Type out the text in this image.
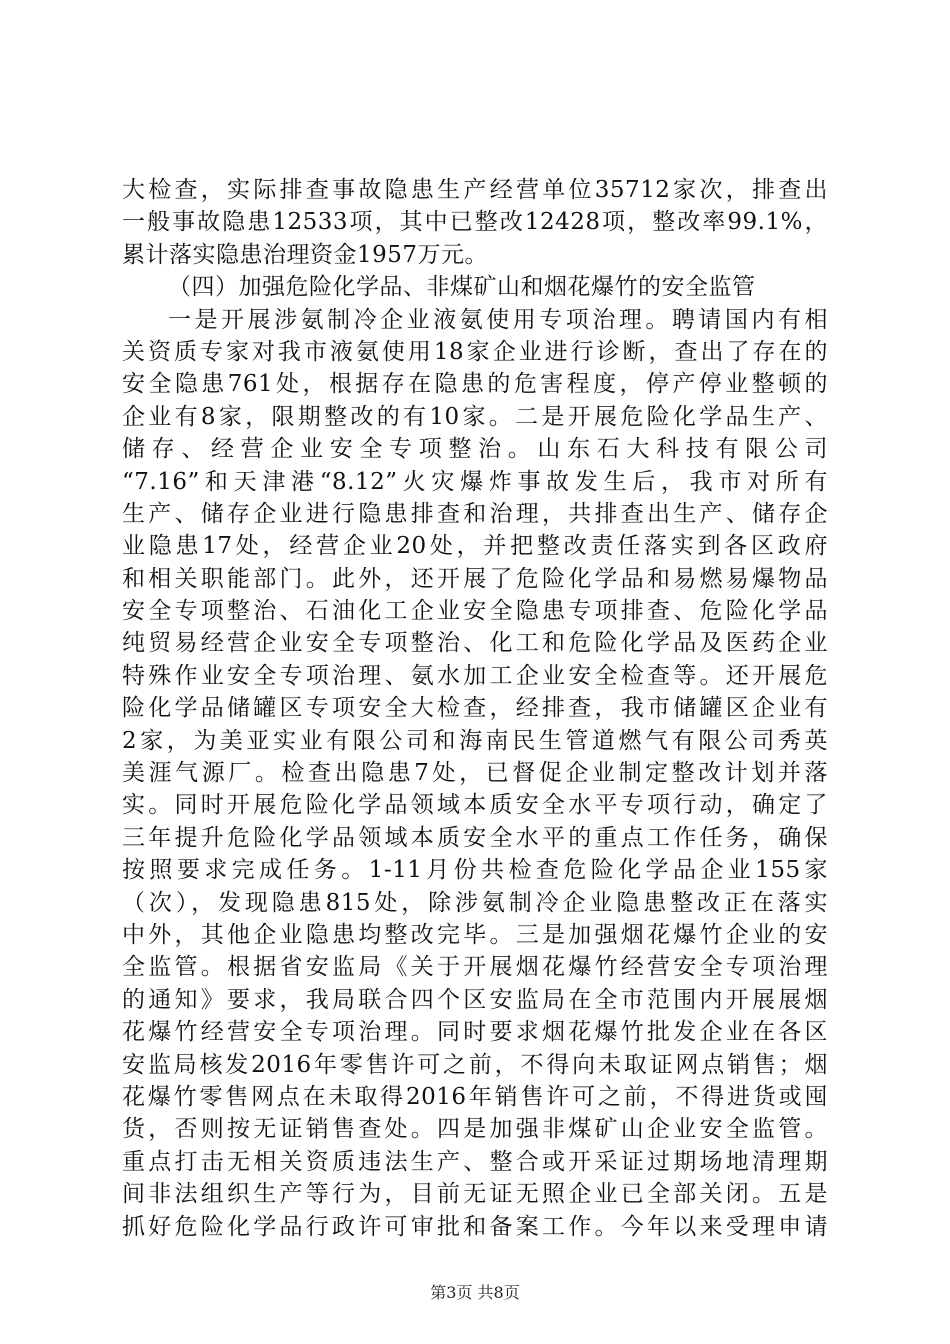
大检查，实际排查事故隐患生产经营单位35712家次，排查出
一般事故隐患12533项，其中已整改12428项，整改率99.1%，
累计落实隐患治理资金1957万元。
（四）加强危险化学品、非煤矿山和烟花爆竹的安全监管
一是开展涉氨制冷企业液氨使用专项治理。聘请国内有相
关资质专家对我市液氨使用18家企业进行诊断，查出了存在的
安全隐患761处，根据存在隐患的危害程度，停产停业整顿的
企业有8家，限期整改的有10家。二是开展危险化学品生产、
储存、经营企业安全专项整治。山东石大科技有限公司
“7.16”和天津港“8.12”火灾爆炸事故发生后，我市对所有
生产、储存企业进行隐患排查和治理，共排查出生产、储存企
业隐患17处，经营企业20处，并把整改责任落实到各区政府
和相关职能部门。此外，还开展了危险化学品和易燃易爆物品
安全专项整治、石油化工企业安全隐患专项排查、危险化学品
纯贸易经营企业安全专项整治、化工和危险化学品及医药企业
特殊作业安全专项治理、氨水加工企业安全检查等。还开展危
险化学品储罐区专项安全大检查，经排查，我市储罐区企业有
2家，为美亚实业有限公司和海南民生管道燃气有限公司秀英
美涯气源厂。检查出隐患7处，已督促企业制定整改计划并落
实。同时开展危险化学品领域本质安全水平专项行动，确定了
三年提升危险化学品领域本质安全水平的重点工作任务，确保
按照要求完成任务。1-11月份共检查危险化学品企业155家
（次），发现隐患815处，除涉氨制冷企业隐患整改正在落实
中外，其他企业隐患均整改完毕。三是加强烟花爆竹企业的安
全监管。根据省安监局《关于开展烟花爆竹经营安全专项治理
的通知》要求，我局联合四个区安监局在全市范围内开展展烟
花爆竹经营安全专项治理。同时要求烟花爆竹批发企业在各区
安监局核发2016年零售许可之前，不得向未取证网点销售；烟
花爆竹零售网点在未取得2016年销售许可之前，不得进货或囤
货，否则按无证销售查处。四是加强非煤矿山企业安全监管。
重点打击无相关资质违法生产、整合或开采证过期场地清理期
间非法组织生产等行为，目前无证无照企业已全部关闭。五是
抓好危险化学品行政许可审批和备案工作。今年以来受理申请
第3页 共8页
